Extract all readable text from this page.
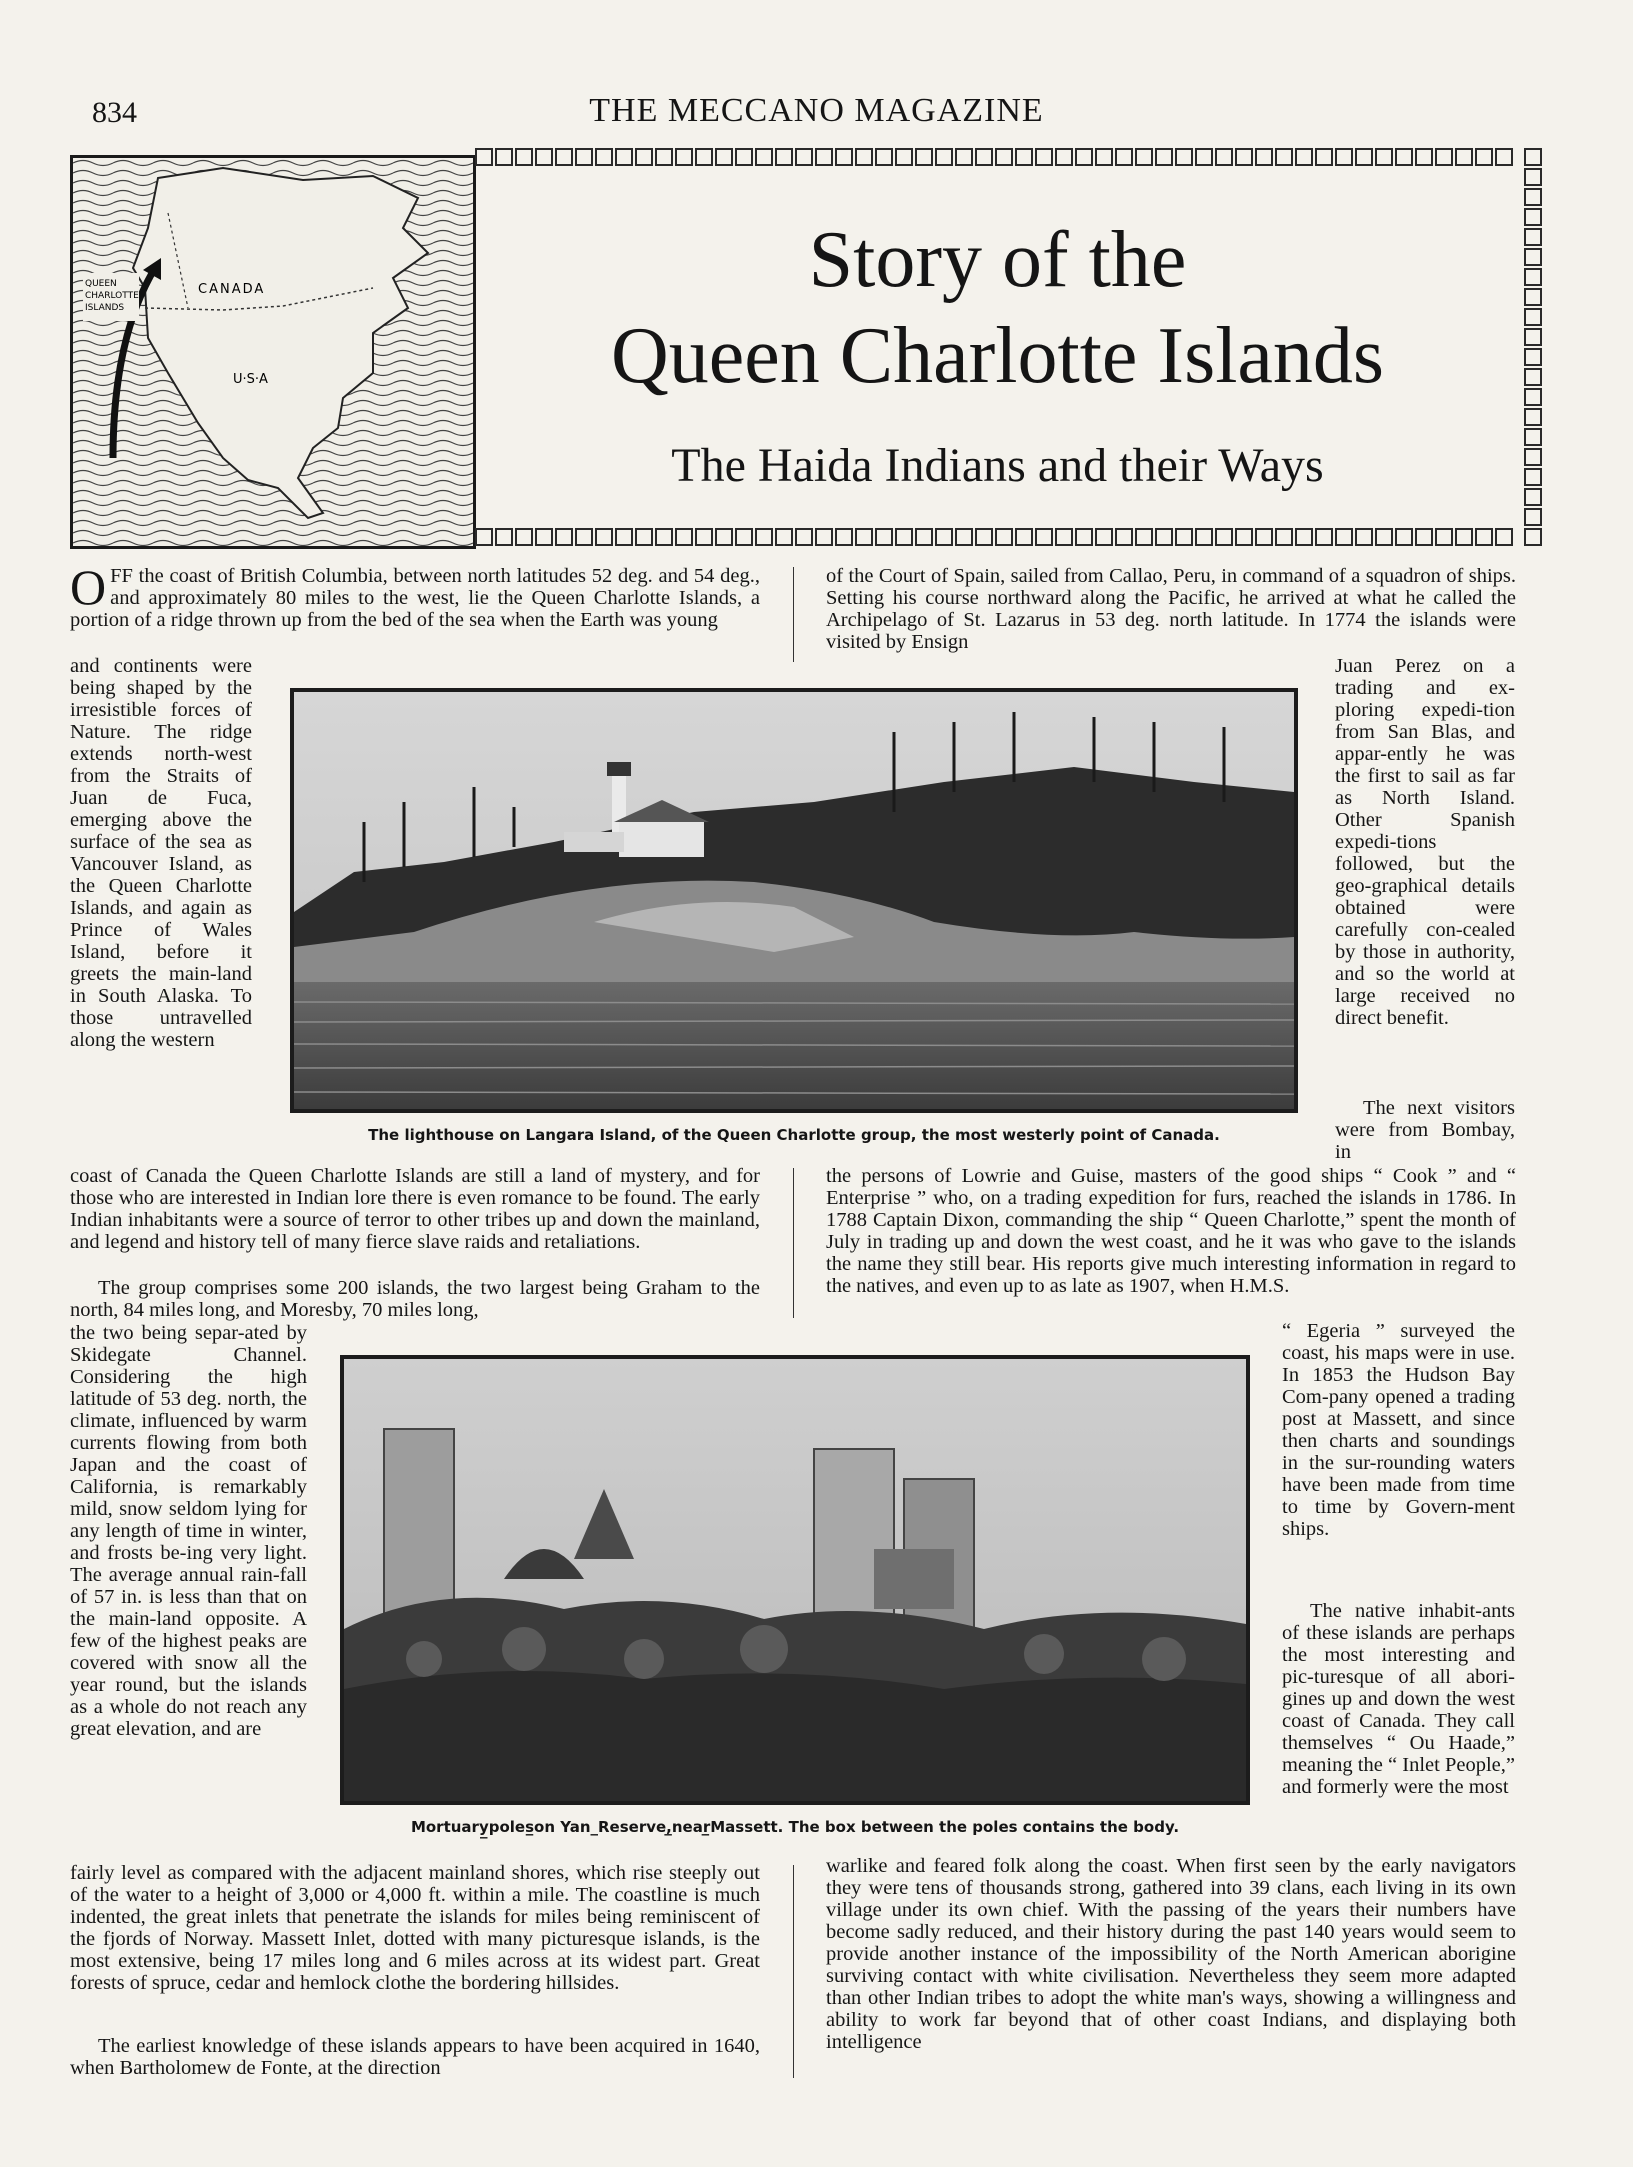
834	THE MECCANO MAGAZINE
QUEEN
CHARLOTTE
ISLANDS
CANADA
U·S·A
Story of the
Queen Charlotte Islands
The Haida Indians and their Ways

OFF the coast of British Columbia, between north latitudes 52 deg. and 54 deg., and approximately 80 miles to the west, lie the Queen Charlotte Islands, a portion of a ridge thrown up from the bed of the sea when the Earth was young

and continents were being shaped by the irresistible forces of Nature. The ridge extends north-west from the Straits of Juan de Fuca, emerging above the surface of the sea as Vancouver Island, as the Queen Charlotte Islands, and again as Prince of Wales Island, before it greets the main-land in South Alaska. To those untravelled along the western

coast of Canada the Queen Charlotte Islands are still a land of mystery, and for those who are interested in Indian lore there is even romance to be found. The early Indian inhabitants were a source of terror to other tribes up and down the mainland, and legend and history tell of many fierce slave raids and retaliations.

The group comprises some 200 islands, the two largest being Graham to the north, 84 miles long, and Moresby, 70 miles long,

the two being separ-ated by Skidegate Channel. Considering the high latitude of 53 deg. north, the climate, influenced by warm currents flowing from both Japan and the coast of California, is remarkably mild, snow seldom lying for any length of time in winter, and frosts be-ing very light. The average annual rain-fall of 57 in. is less than that on the main-land opposite. A few of the highest peaks are covered with snow all the year round, but the islands as a whole do not reach any great elevation, and are

fairly level as compared with the adjacent mainland shores, which rise steeply out of the water to a height of 3,000 or 4,000 ft. within a mile. The coastline is much indented, the great inlets that penetrate the islands for miles being reminiscent of the fjords of Norway. Massett Inlet, dotted with many picturesque islands, is the most extensive, being 17 miles long and 6 miles across at its widest part. Great forests of spruce, cedar and hemlock clothe the bordering hillsides.

The earliest knowledge of these islands appears to have been acquired in 1640, when Bartholomew de Fonte, at the direction

of the Court of Spain, sailed from Callao, Peru, in command of a squadron of ships. Setting his course northward along the Pacific, he arrived at what he called the Archipelago of St. Lazarus in 53 deg. north latitude. In 1774 the islands were visited by Ensign

Juan Perez on a trading and ex-ploring expedi-tion from San Blas, and appar-ently he was the first to sail as far as North Island. Other Spanish expedi-tions followed, but the geo-graphical details obtained were carefully con-cealed by those in authority, and so the world at large received no direct benefit.

The next visitors were from Bombay, in

the persons of Lowrie and Guise, masters of the good ships “ Cook ” and “ Enterprise ” who, on a trading expedition for furs, reached the islands in 1786. In 1788 Captain Dixon, commanding the ship “ Queen Charlotte,” spent the month of July in trading up and down the west coast, and he it was who gave to the islands the name they still bear. His reports give much interesting information in regard to the natives, and even up to as late as 1907, when H.M.S.

“ Egeria ” surveyed the coast, his maps were in use. In 1853 the Hudson Bay Com-pany opened a trading post at Massett, and since then charts and soundings in the sur-rounding waters have been made from time to time by Govern-ment ships.

The native inhabit-ants of these islands are perhaps the most interesting and pic-turesque of all abori-gines up and down the west coast of Canada. They call themselves “ Ou Haade,” meaning the “ Inlet People,” and formerly were the most

warlike and feared folk along the coast. When first seen by the early navigators they were tens of thousands strong, gathered into 39 clans, each living in its own village under its own chief. With the passing of the years their numbers have become sadly reduced, and their history during the past 140 years would seem to provide another instance of the impossibility of the North American aborigine surviving contact with white civilisation. Nevertheless they seem more adapted than other Indian tribes to adopt the white man's ways, showing a willingness and ability to work far beyond that of other coast Indians, and displaying both intelligence

The lighthouse on Langara Island, of the Queen Charlotte group, the most westerly point of Canada.
Mortuary̲poles̲on Yan_Reserve,̲near̲Massett. The box between the poles contains the body.
